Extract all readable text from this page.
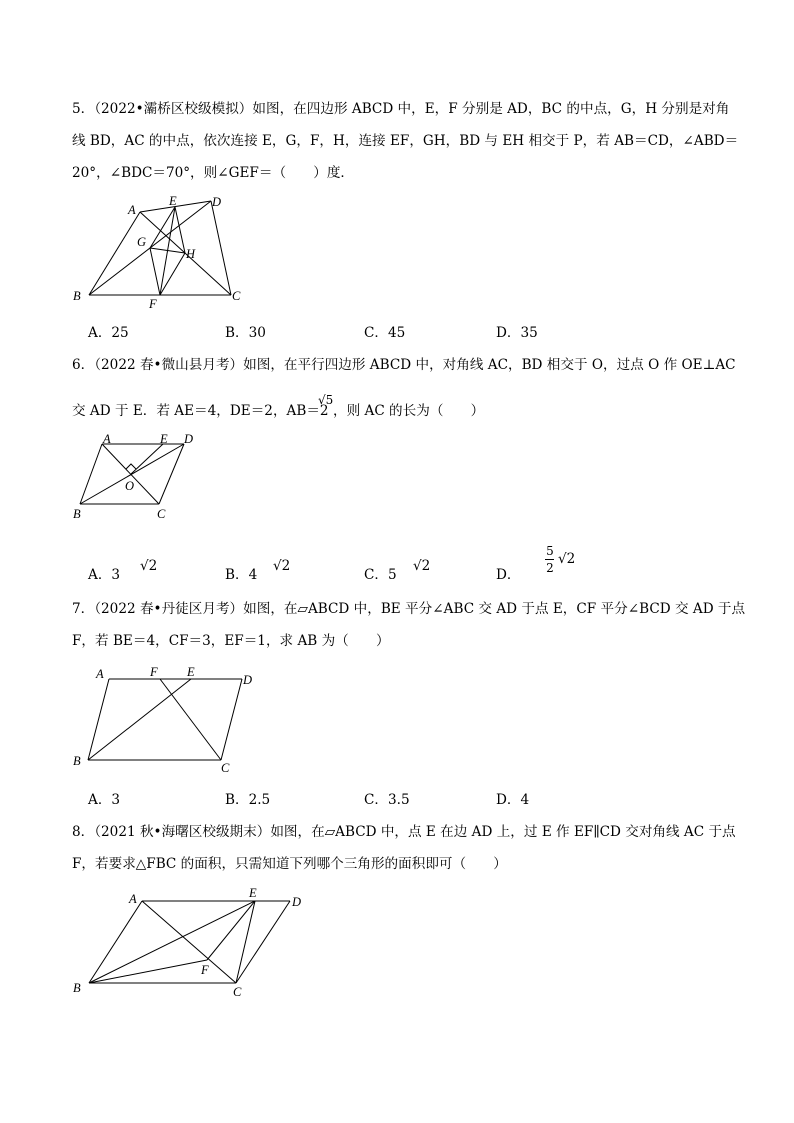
5．（2022•灞桥区校级模拟）如图，在四边形 ABCD 中，E，F 分别是 AD，BC 的中点，G，H 分别是对角
线 BD，AC 的中点，依次连接 E，G，F，H，连接 EF，GH，BD 与 EH 相交于 P，若 AB＝CD，∠ABD＝
20°，∠BDC＝70°，则∠GEF＝（　　）度．
A
E	D
G
H
B
F
C
A．25	B．30	C．45	D．35
6．（2022 春•微山县月考）如图，在平行四边形 ABCD 中，对角线 AC，BD 相交于 O，过点 O 作 OE⊥AC
交 AD 于 E．若 AE＝4，DE＝2，AB＝2
√5
，则 AC 的长为（　　）
A	E D
O
B	C
A．3
√2
B．4
√2
C．5
√2
D．
5
2
√2
7．（2022 春•丹徒区月考）如图，在▱ABCD 中，BE 平分∠ABC 交 AD 于点 E，CF 平分∠BCD 交 AD 于点
F，若 BE＝4，CF＝3，EF＝1，求 AB 为（　　）
A	F E
D
B	C
A．3	B．2.5	C．3.5	D．4
8．（2021 秋•海曙区校级期末）如图，在▱ABCD 中，点 E 在边 AD 上，过 E 作 EF∥CD 交对角线 AC 于点
F，若要求△FBC 的面积，只需知道下列哪个三角形的面积即可（　　）
A	E
D
F
B	C
